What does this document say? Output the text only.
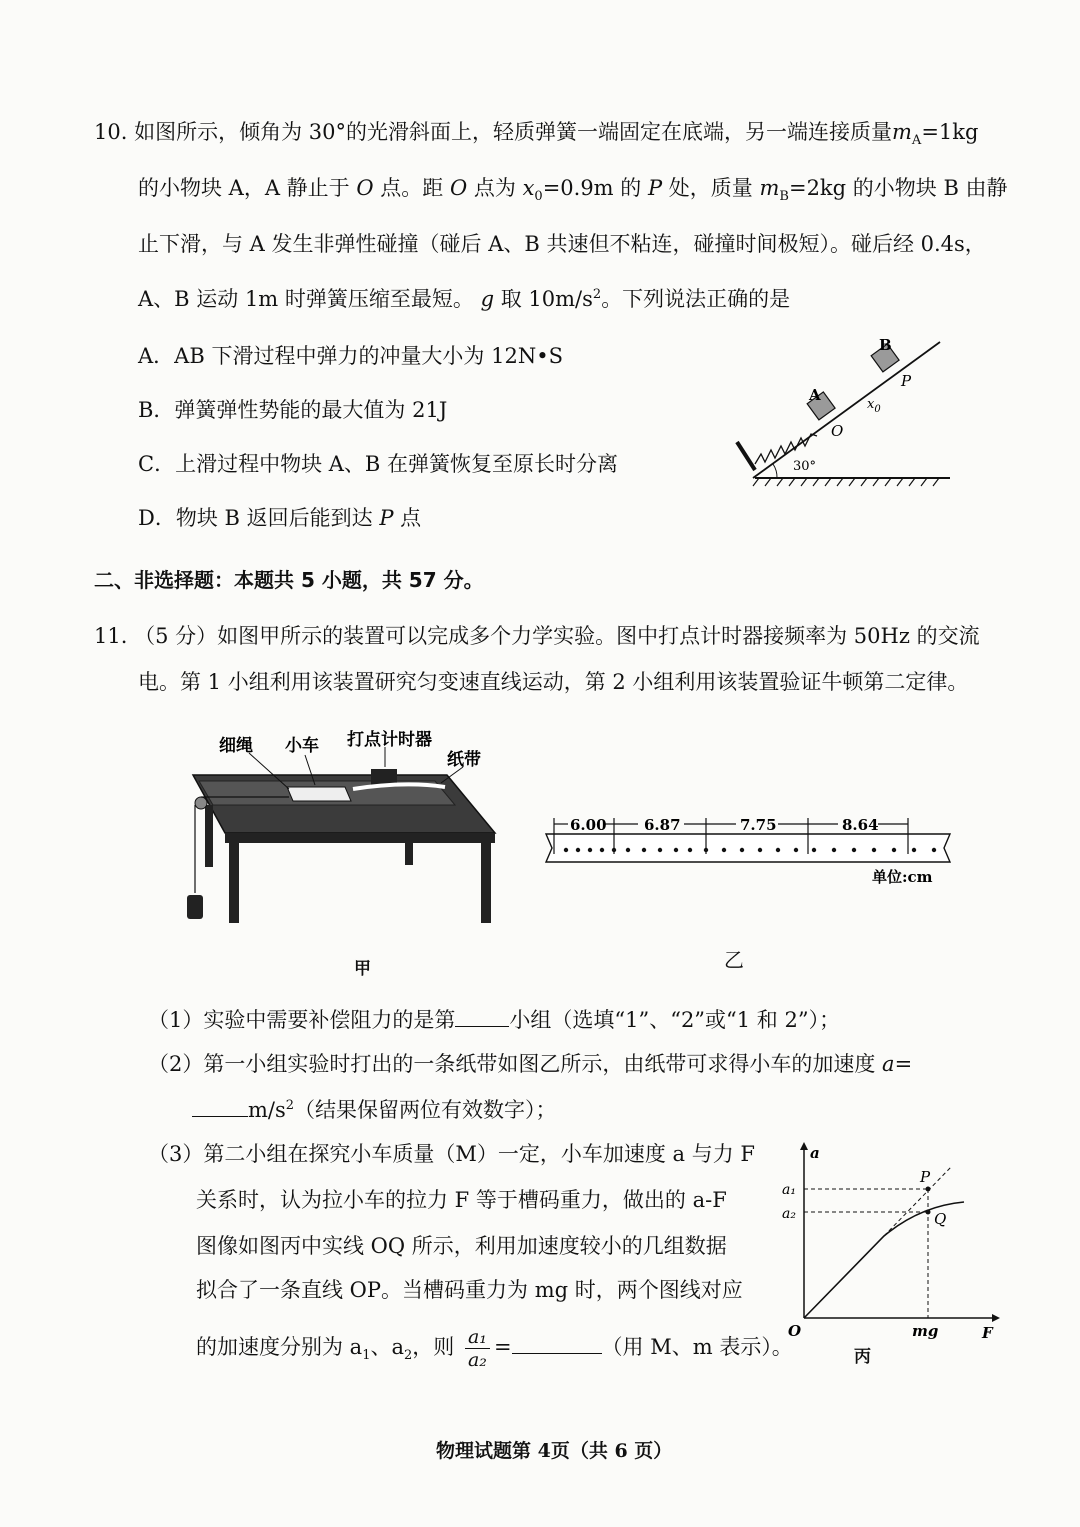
10. 如图所示，倾角为 30°的光滑斜面上，轻质弹簧一端固定在底端，另一端连接质量$m_A=1kg$
的小物块 A，A 静止于 O 点。距 O 点为 $x_0=0.9m$ 的 P 处，质量 $m_B=2kg$ 的小物块 B 由静
止下滑，与 A 发生非弹性碰撞（碰后 A、B 共速但不粘连，碰撞时间极短）。碰后经 0.4s，
A、B 运动 1m 时弹簧压缩至最短。 g 取 $10m/s^2$。下列说法正确的是
A．AB 下滑过程中弹力的冲量大小为 12N•S
B．弹簧弹性势能的最大值为 21J
C．上滑过程中物块 A、B 在弹簧恢复至原长时分离
D．物块 B 返回后能到达 P 点
A
B
P
O
$x_0$
30°
二、非选择题：本题共 5 小题，共 57 分。
11. （5 分）如图甲所示的装置可以完成多个力学实验。图中打点计时器接频率为 50Hz 的交流
电。第 1 小组利用该装置研究匀变速直线运动，第 2 小组利用该装置验证牛顿第二定律。
细绳 小车 打点计时器
纸带
甲
6.00 6.87	7.75	8.64
单位:cm
乙
（1）实验中需要补偿阻力的是第	小组（选填“1”、“2”或“1 和 2”）；
（2）第一小组实验时打出的一条纸带如图乙所示，由纸带可求得小车的加速度 a=
$m/s^2$（结果保留两位有效数字）；
（3）第二小组在探究小车质量（M）一定，小车加速度 a 与力 F
关系时，认为拉小车的拉力 F 等于槽码重力，做出的 a-F
图像如图丙中实线 OQ 所示，利用加速度较小的几组数据
拟合了一条直线 OP。当槽码重力为 mg 时，两个图线对应
的加速度分别为 $a_1$、$a_2$，则 $\frac{\text{a₁}}{\text{a₂}}$ =	（用 M、m 表示）。
a
a₁
a₂
P
Q
O	mg	F
丙
物理试题第 4页（共 6 页）
